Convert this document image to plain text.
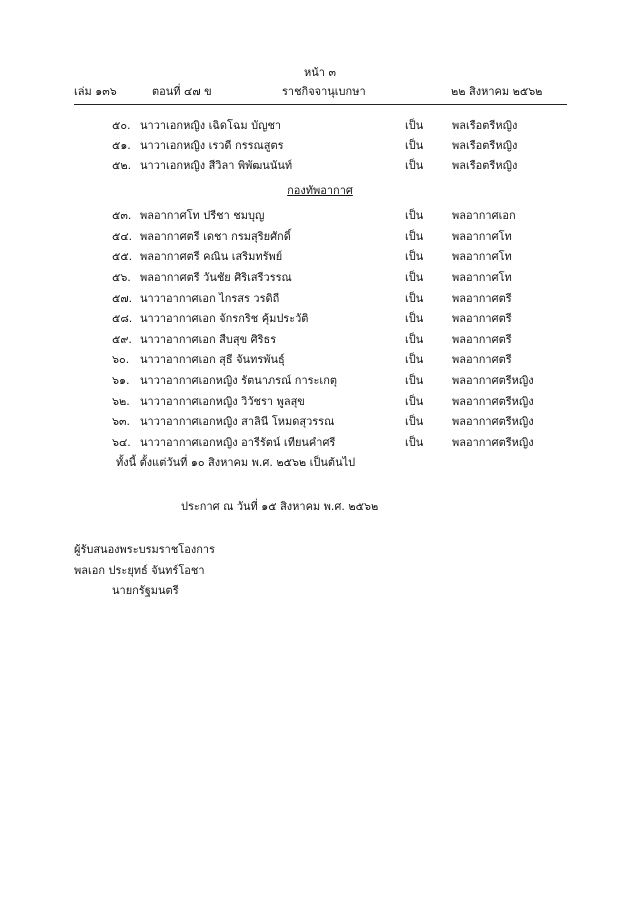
หน้า ๓
เล่ม ๑๓๖	ตอนที่ ๔๗ ข	ราชกิจจานุเบกษา	๒๒ สิงหาคม ๒๕๖๒
๕๐. นาวาเอกหญิง เฉิดโฉม บัญชา	เป็น	พลเรือตรีหญิง
๕๑. นาวาเอกหญิง เรวดี กรรณสูตร	เป็น	พลเรือตรีหญิง
๕๒. นาวาเอกหญิง สีวิลา พิพัฒนนันท์	เป็น	พลเรือตรีหญิง
กองทัพอากาศ
๕๓. พลอากาศโท ปรีชา ชมบุญ	เป็น	พลอากาศเอก
๕๔. พลอากาศตรี เดชา กรมสุริยศักดิ์	เป็น	พลอากาศโท
๕๕. พลอากาศตรี คณิน เสริมทรัพย์	เป็น	พลอากาศโท
๕๖. พลอากาศตรี วันชัย ศิริเสรีวรรณ	เป็น	พลอากาศโท
๕๗. นาวาอากาศเอก ไกรสร วรดิถี	เป็น	พลอากาศตรี
๕๘. นาวาอากาศเอก จักรกริช คุ้มประวัติ	เป็น	พลอากาศตรี
๕๙. นาวาอากาศเอก สืบสุข ศิริธร	เป็น	พลอากาศตรี
๖๐. นาวาอากาศเอก สุธี จันทรพันธุ์	เป็น	พลอากาศตรี
๖๑. นาวาอากาศเอกหญิง รัตนาภรณ์ การะเกตุ	เป็น	พลอากาศตรีหญิง
๖๒. นาวาอากาศเอกหญิง วิวัชรา พูลสุข	เป็น	พลอากาศตรีหญิง
๖๓. นาวาอากาศเอกหญิง สาลินี โหมดสุวรรณ	เป็น	พลอากาศตรีหญิง
๖๔. นาวาอากาศเอกหญิง อารีรัตน์ เทียนคำศรี	เป็น	พลอากาศตรีหญิง
ทั้งนี้ ตั้งแต่วันที่ ๑๐ สิงหาคม พ.ศ. ๒๕๖๒ เป็นต้นไป
ประกาศ ณ วันที่ ๑๕ สิงหาคม พ.ศ. ๒๕๖๒
ผู้รับสนองพระบรมราชโองการ
พลเอก ประยุทธ์ จันทร์โอชา
นายกรัฐมนตรี
